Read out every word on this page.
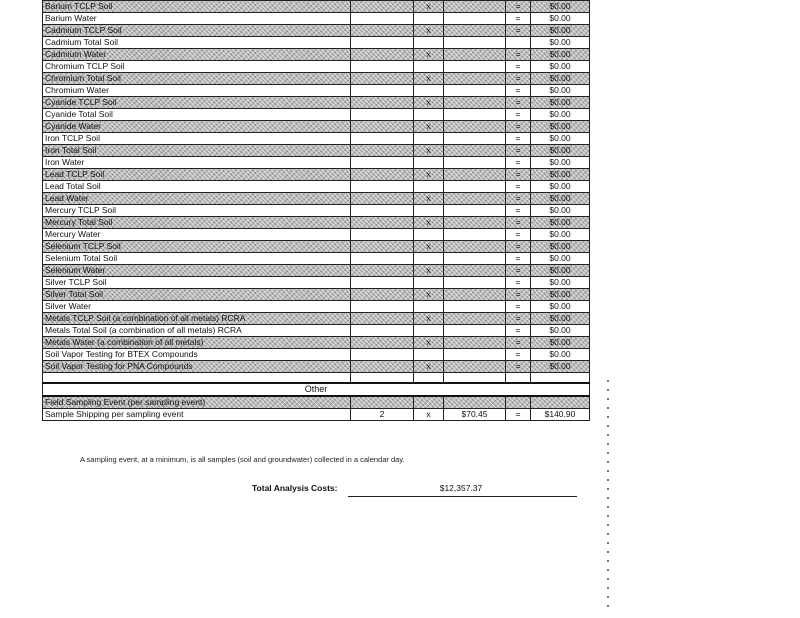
Barium TCLP Soil		x		=	$0.00
Barium Water				=	$0.00
Cadmium TCLP Soil		x		=	$0.00
Cadmium Total Soil					$0.00
Cadmium Water		x		=	$0.00
Chromium TCLP Soil				=	$0.00
Chromium Total Soil		x		=	$0.00
Chromium Water				=	$0.00
Cyanide TCLP Soil		x		=	$0.00
Cyanide Total Soil				=	$0.00
Cyanide Water		x		=	$0.00
Iron TCLP Soil				=	$0.00
Iron Total Soil		x		=	$0.00
Iron Water				=	$0.00
Lead TCLP Soil		x		=	$0.00
Lead Total Soil				=	$0.00
Lead Water		x		=	$0.00
Mercury TCLP Soil				=	$0.00
Mercury Total Soil		x		=	$0.00
Mercury Water				=	$0.00
Selenium TCLP Soil		x		=	$0.00
Selenium Total Soil				=	$0.00
Selenium Water		x		=	$0.00
Silver TCLP Soil				=	$0.00
Silver Total Soil		x		=	$0.00
Silver Water				=	$0.00
Metals TCLP Soil (a combination of all metals) RCRA		x		=	$0.00
Metals Total Soil (a combination of all metals) RCRA				=	$0.00
Metals Water (a combination of all metals)		x		=	$0.00
Soil Vapor Testing for BTEX Compounds				=	$0.00
Soil Vapor Testing for PNA Compounds		x		=	$0.00

Other					
Field Sampling Event (per sampling event)					
Sample Shipping per sampling event	2	x	$70.45	=	$140.90
A sampling event, at a minimum, is all samples (soil and groundwater) collected in a calendar day.
Total Analysis Costs:	$12,357.37
